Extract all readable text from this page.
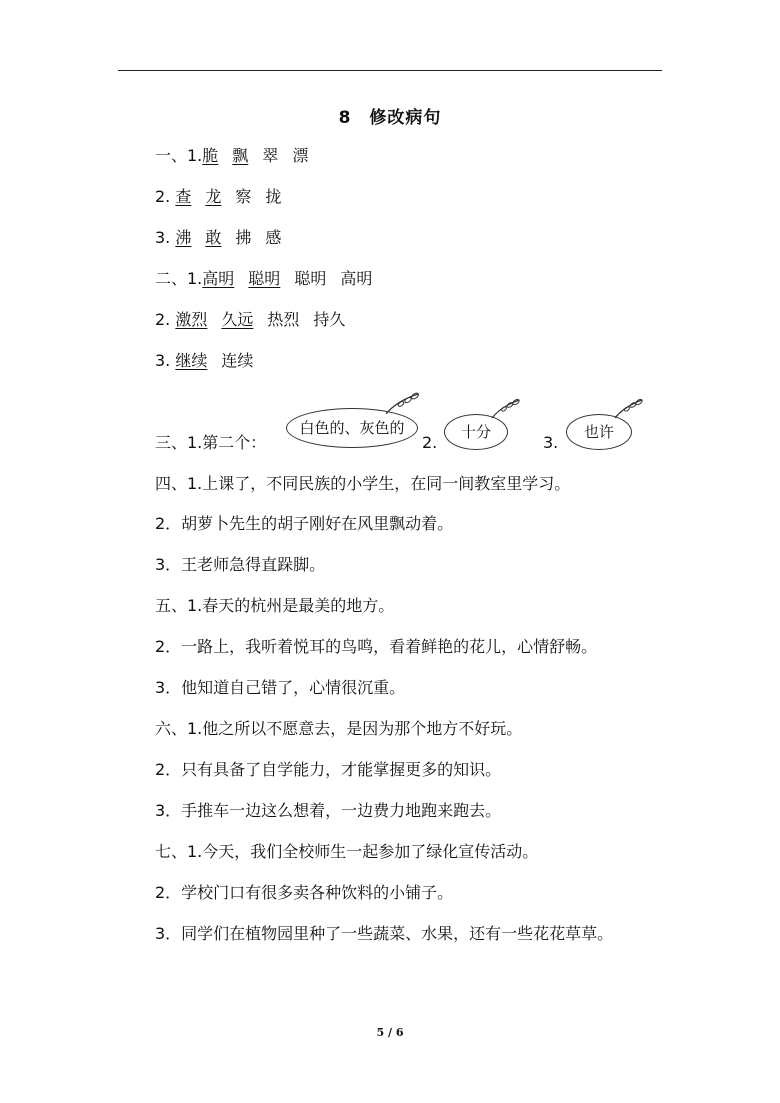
8 修改病句
一、1.脆 飘 翠 漂
2. 查 龙 察 拢
3. 沸 敢 拂 感
二、1.高明 聪明 聪明 高明
2. 激烈 久远 热烈 持久
3. 继续 连续
三、1.第二个：
白色的、灰色的
2.
十分
3.
也许
四、1.上课了，不同民族的小学生，在同一间教室里学习。
2．胡萝卜先生的胡子刚好在风里飘动着。
3．王老师急得直跺脚。
五、1.春天的杭州是最美的地方。
2．一路上，我听着悦耳的鸟鸣，看着鲜艳的花儿，心情舒畅。
3．他知道自己错了，心情很沉重。
六、1.他之所以不愿意去，是因为那个地方不好玩。
2．只有具备了自学能力，才能掌握更多的知识。
3．手推车一边这么想着，一边费力地跑来跑去。
七、1.今天，我们全校师生一起参加了绿化宣传活动。
2．学校门口有很多卖各种饮料的小铺子。
3．同学们在植物园里种了一些蔬菜、水果，还有一些花花草草。
5 / 6
